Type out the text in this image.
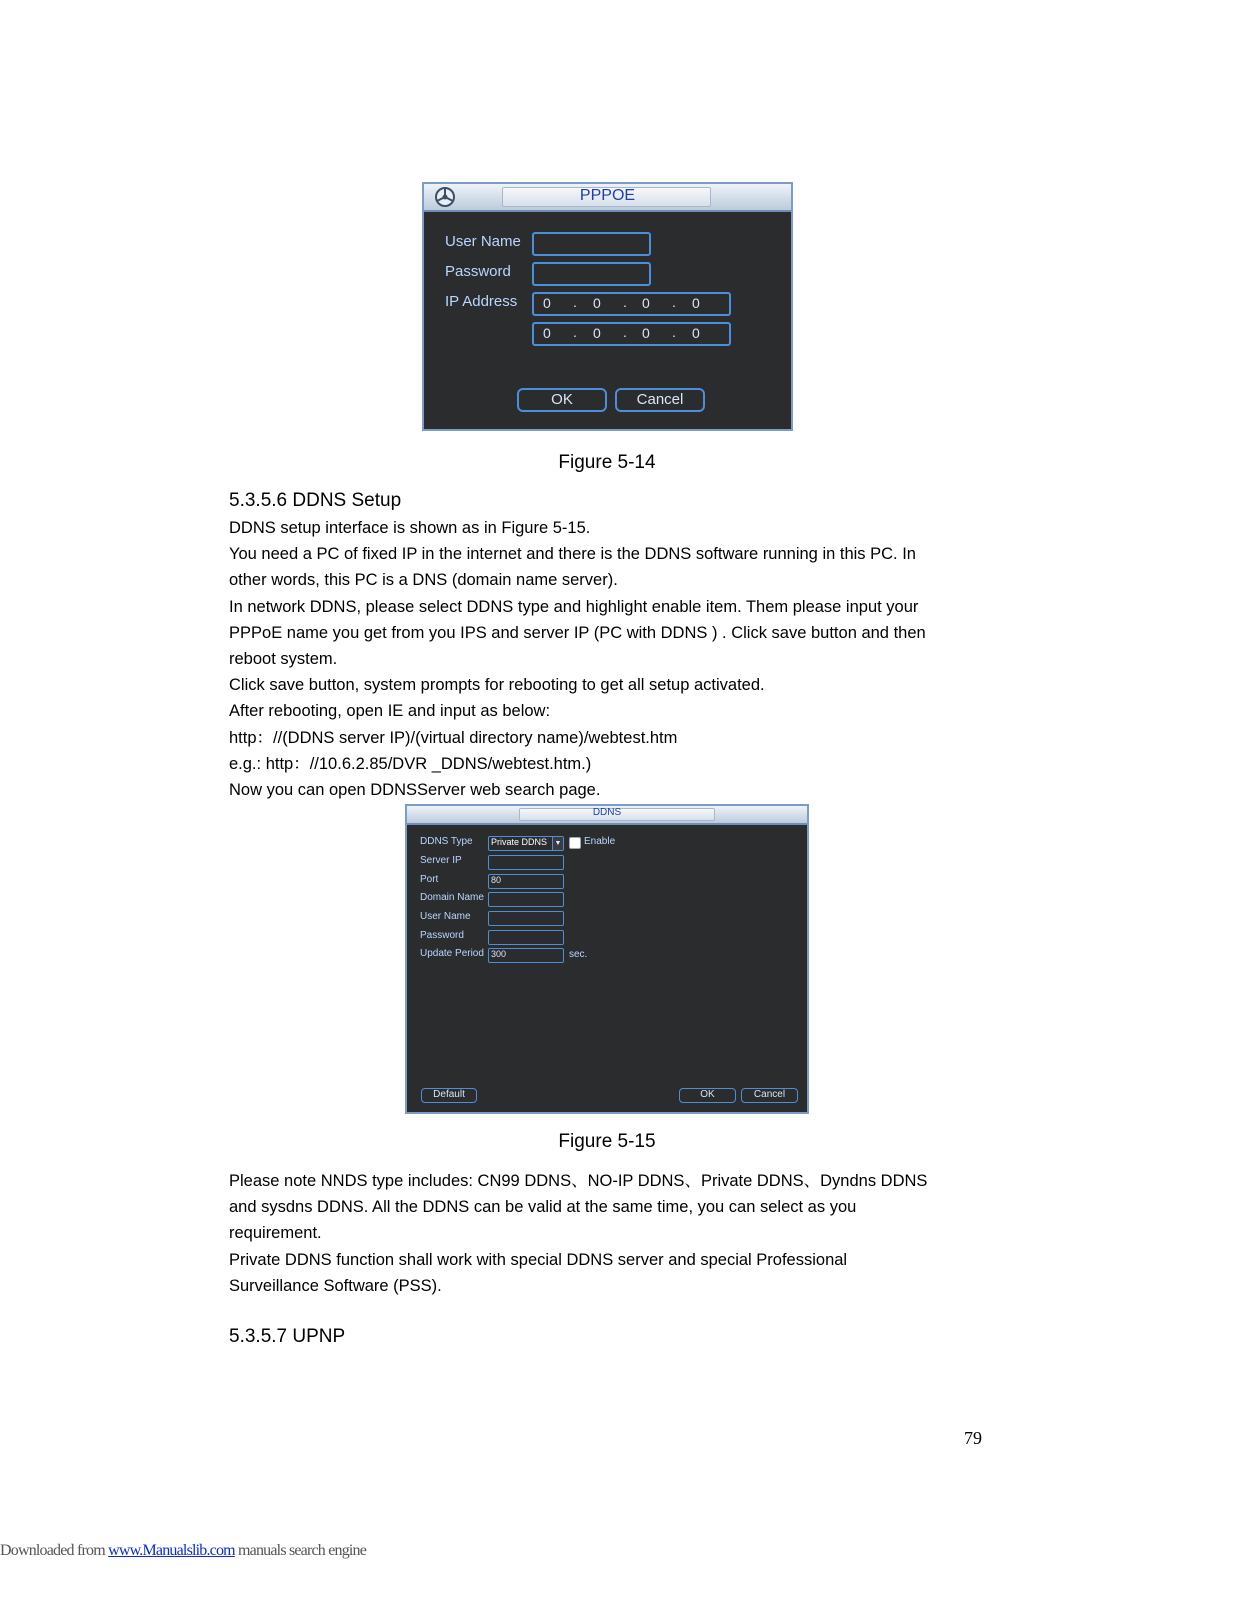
PPPOE
User Name
Password
IP Address 0 . 0 . 0 . 0
0 . 0 . 0 . 0
OK	Cancel
Figure 5-14
5.3.5.6 DDNS Setup

DDNS setup interface is shown as in Figure 5-15.

You need a PC of fixed IP in the internet and there is the DDNS software running in this PC. In

other words, this PC is a DNS (domain name server).

In network DDNS, please select DDNS type and highlight enable item. Them please input your

PPPoE name you get from you IPS and server IP (PC with DDNS ) . Click save button and then

reboot system.

Click save button, system prompts for rebooting to get all setup activated.

After rebooting, open IE and input as below:

http：//(DDNS server IP)/(virtual directory name)/webtest.htm

e.g.: http：//10.6.2.85/DVR _DDNS/webtest.htm.)

Now you can open DDNSServer web search page.

DDNS
DDNS Type	Private DDNS	▼ Enable
Server IP
Port	80
Domain Name
User Name
Password
Update Period 300	sec.
Default	OK	Cancel
Figure 5-15

Please note NNDS type includes: CN99 DDNS、NO-IP DDNS、Private DDNS、Dyndns DDNS

and sysdns DDNS. All the DDNS can be valid at the same time, you can select as you

requirement.

Private DDNS function shall work with special DDNS server and special Professional

Surveillance Software (PSS).

5.3.5.7 UPNP
79
Downloaded from www.Manualslib.com manuals search engine
